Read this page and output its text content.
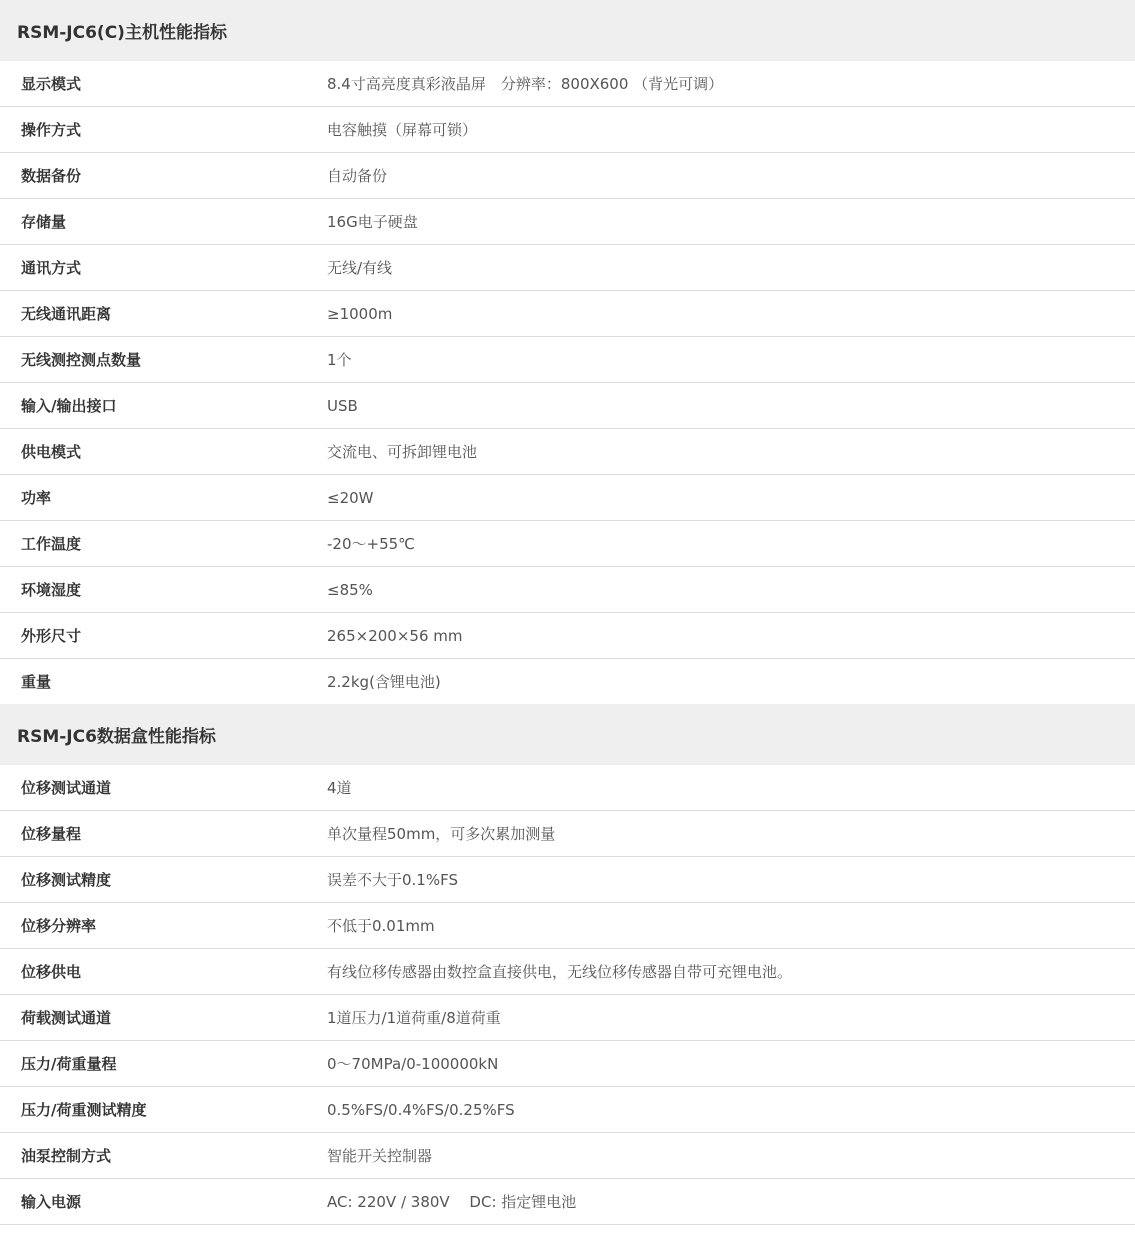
RSM-JC6(C)主机性能指标
显示模式	8.4寸高亮度真彩液晶屏　分辨率：800X600 （背光可调）
操作方式	电容触摸（屏幕可锁）
数据备份	自动备份
存储量	16G电子硬盘
通讯方式	无线/有线
无线通讯距离	≥1000m
无线测控测点数量	1个
输入/输出接口	USB
供电模式	交流电、可拆卸锂电池
功率	≤20W
工作温度	-20～+55℃
环境湿度	≤85%
外形尺寸	265×200×56 mm
重量	2.2kg(含锂电池)
RSM-JC6数据盒性能指标
位移测试通道	4道
位移量程	单次量程50mm，可多次累加测量
位移测试精度	误差不大于0.1%FS
位移分辨率	不低于0.01mm
位移供电	有线位移传感器由数控盒直接供电，无线位移传感器自带可充锂电池。
荷载测试通道	1道压力/1道荷重/8道荷重
压力/荷重量程	0～70MPa/0-100000kN
压力/荷重测试精度	0.5%FS/0.4%FS/0.25%FS
油泵控制方式	智能开关控制器
输入电源	AC: 220V / 380V　 DC: 指定锂电池
